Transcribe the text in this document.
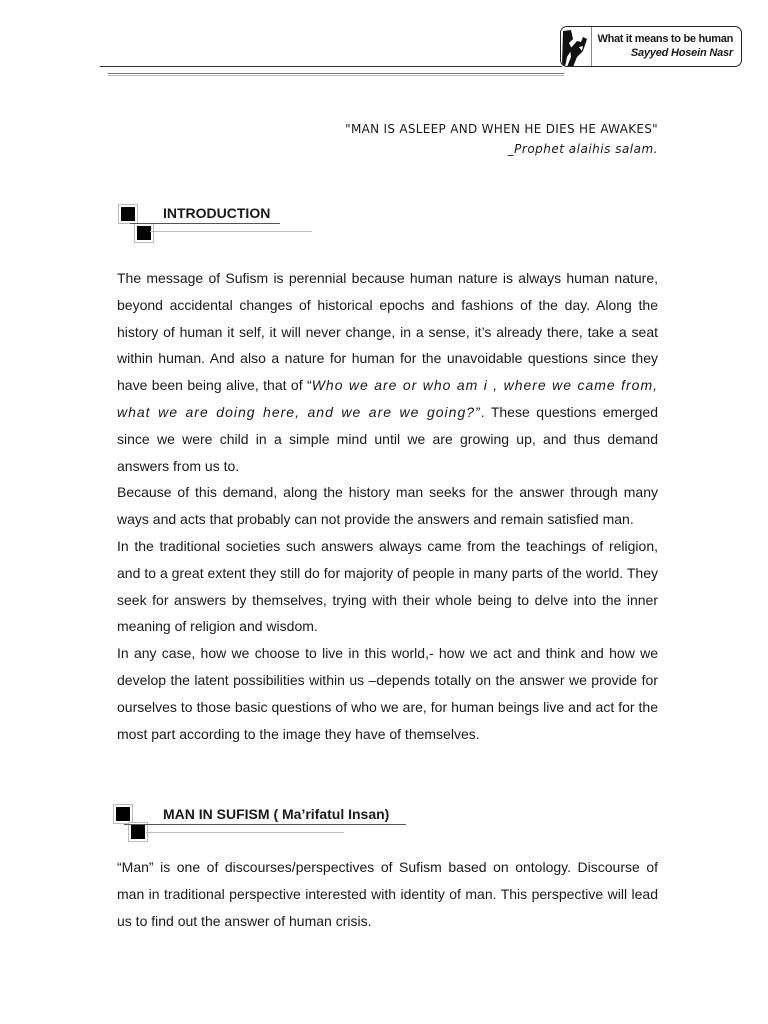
What it means to be human
Sayyed Hosein Nasr
"MAN IS ASLEEP AND WHEN HE DIES HE AWAKES"
_Prophet alaihis salam.
INTRODUCTION

The message of Sufism is perennial because human nature is always human nature, beyond accidental changes of historical epochs and fashions of the day. Along the history of human it self, it will never change, in a sense, it’s already there, take a seat within human. And also a nature for human for the unavoidable questions since they have been being alive, that of “Who we are or who am i , where we came from, what we are doing here, and we are we going?”. These questions emerged since we were child in a simple mind until we are growing up, and thus demand answers from us to.

Because of this demand, along the history man seeks for the answer through many ways and acts that probably can not provide the answers and remain satisfied man.

In the traditional societies such answers always came from the teachings of religion, and to a great extent they still do for majority of people in many parts of the world. They seek for answers by themselves, trying with their whole being to delve into the inner meaning of religion and wisdom.

In any case, how we choose to live in this world,- how we act and think and how we develop the latent possibilities within us –depends totally on the answer we provide for ourselves to those basic questions of who we are, for human beings live and act for the most part according to the image they have of themselves.

MAN IN SUFISM ( Ma’rifatul Insan)

“Man” is one of discourses/perspectives of Sufism based on ontology. Discourse of man in traditional perspective interested with identity of man. This perspective will lead us to find out the answer of human crisis.
